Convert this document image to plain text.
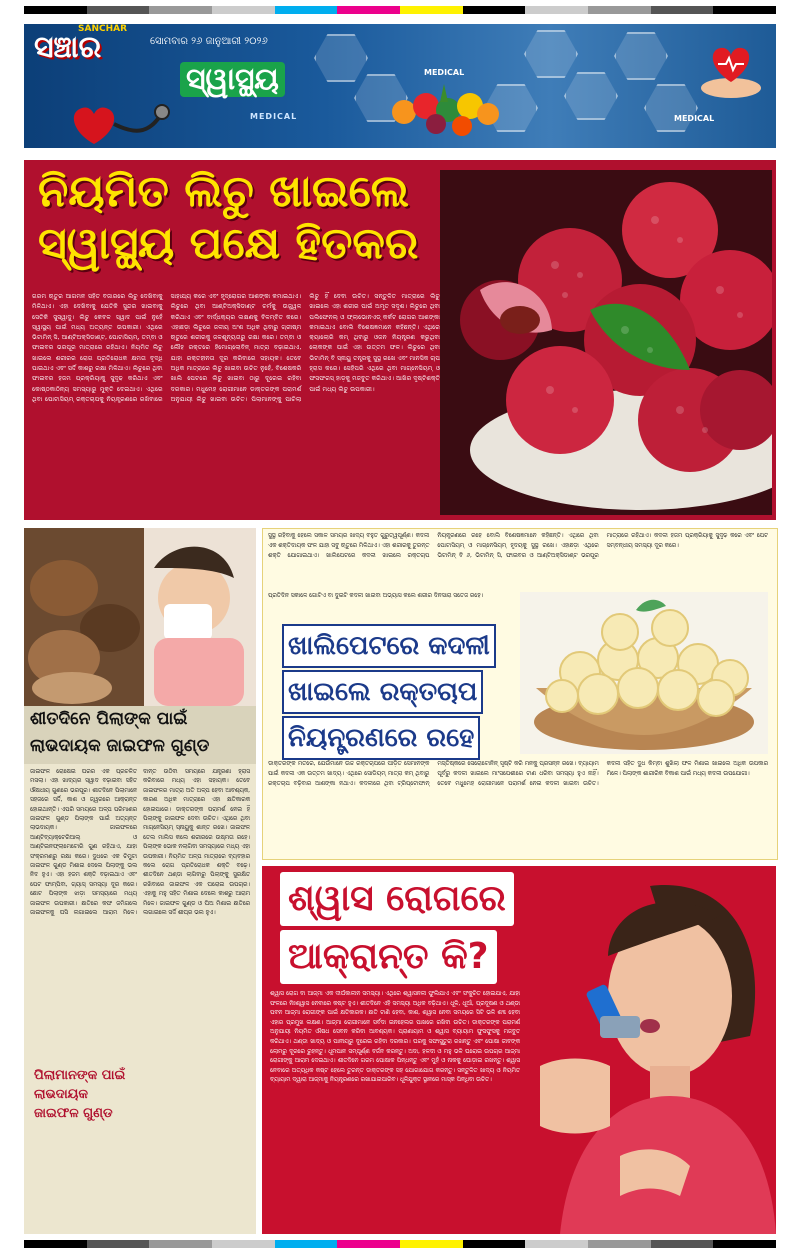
MEDICAL
MEDICAL
ସଞ୍ଚାର
SANCHAR
ସୋମବାର ୨୬ ଜାନୁଆରୀ ୨୦୨୬
ସ୍ୱାସ୍ଥ୍ୟ
MEDICAL
ନିୟମିତ ଲିଚୁ ଖାଇଲେ
ସ୍ୱାସ୍ଥ୍ୟ ପକ୍ଷେ ହିତକର
ଗରମ ଋତୁର ଆଗମନ ସହିତ ବଜାରରେ ଲିଚୁ ଦେଖିବାକୁ ମିଳିଥାଏ। ଏହା ଦେଖିବାକୁ ଯେତିକି ସୁନ୍ଦର ଖାଇବାକୁ ସେତିକି ସୁସ୍ୱାଦୁ। ଲିଚୁ କେବଳ ସ୍ୱାଦ ପାଇଁ ନୁହେଁ ସ୍ୱାସ୍ଥ୍ୟ ପାଇଁ ମଧ୍ୟ ଅତ୍ୟନ୍ତ ଉପକାରୀ। ଏଥିରେ ଭିଟାମିନ୍ ସି, ଆଣ୍ଟିଅକ୍ସିଡାଣ୍ଟ, ପୋଟାସିୟମ୍, ତମ୍ବା ଓ ଫାଇବର ଭରପୂର ମାତ୍ରାରେ ରହିଥାଏ। ନିୟମିତ ଲିଚୁ ଖାଇଲେ ଶରୀରର ରୋଗ ପ୍ରତିରୋଧକ କ୍ଷମତା ବୃଦ୍ଧି ପାଇଥାଏ ଏବଂ ସର୍ଦ୍ଦି କାଶରୁ ରକ୍ଷା ମିଳିଥାଏ। ଲିଚୁରେ ଥିବା ଫାଇବର ହଜମ ପ୍ରକ୍ରିୟାକୁ ସୁଦୃଢ କରିଥାଏ ଏବଂ କୋଷ୍ଠକାଠିନ୍ୟ ସମସ୍ୟାରୁ ମୁକ୍ତି ଦେଇଥାଏ। ଏଥିରେ ଥିବା ପୋଟାସିୟମ୍ ରକ୍ତଚାପକୁ ନିୟନ୍ତ୍ରଣରେ ରଖିବାରେ ସାହାଯ୍ୟ କରେ ଏବଂ ହୃଦ୍‌ରୋଗର ଆଶଙ୍କା କମାଇଥାଏ। ଲିଚୁରେ ଥିବା ଆଣ୍ଟିଅକ୍ସିଡାଣ୍ଟ ଚର୍ମକୁ ଉଜ୍ଜ୍ୱଳ କରିଥାଏ ଏବଂ ବାର୍ଦ୍ଧକ୍ୟର ଲକ୍ଷଣକୁ ବିଳମ୍ବିତ କରେ। ଏହାଛଡ଼ା ଲିଚୁରେ ଜଳୀୟ ଅଂଶ ଅଧିକ ଥିବାରୁ ଗ୍ରୀଷ୍ମ ଋତୁରେ ଶରୀରକୁ ଜଳଶୂନ୍ୟତାରୁ ରକ୍ଷା କରେ। ତମ୍ବା ଓ ଲୌହ ରକ୍ତରେ ହିମୋଗ୍ଲୋବିନ୍ ମାତ୍ରା ବଢ଼ାଇଥାଏ, ଯାହା ରକ୍ତହୀନତା ଦୂର କରିବାରେ ସହାୟକ। ତେବେ ଅଧିକ ମାତ୍ରାରେ ଲିଚୁ ଖାଇବା ଉଚିତ ନୁହେଁ, ବିଶେଷକରି ଖାଲି ପେଟରେ ଲିଚୁ ଖାଇବା ଠାରୁ ଦୂରେଇ ରହିବା ଦରକାର। ମଧୁମେହ ରୋଗୀମାନେ ଡାକ୍ତରଙ୍କ ପରାମର୍ଶ ଅନୁଯାୟୀ ଲିଚୁ ଖାଇବା ଉଚିତ। ପିଲାମାନଙ୍କୁ ପାଚିଲା ଲିଚୁ ହିଁ ଦେବା ଉଚିତ। ସନ୍ତୁଳିତ ମାତ୍ରାରେ ଲିଚୁ ଖାଇଲେ ଏହା ଶରୀର ପାଇଁ ଅମୃତ ସଦୃଶ। ଲିଚୁରେ ଥିବା ପଲିଫେନଲ୍ ଓ ଫ୍ଲାଭୋନଏଡ୍ କର୍କଟ ରୋଗର ଆଶଙ୍କା କମାଇଥାଏ ବୋଲି ବିଶେଷଜ୍ଞମାନେ କହିଛନ୍ତି। ଏଥିରେ କ୍ୟାଲୋରି କମ୍ ଥିବାରୁ ଓଜନ ନିୟନ୍ତ୍ରଣ କରୁଥିବା ଲୋକଙ୍କ ପାଇଁ ଏହା ଉତ୍ତମ ଫଳ। ଲିଚୁରେ ଥିବା ଭିଟାମିନ୍ ବି ସ୍ନାୟୁ ତନ୍ତ୍ରକୁ ସୁସ୍ଥ ରଖେ ଏବଂ ମାନସିକ ଚାପ ହ୍ରାସ କରେ। ସେହିପରି ଏଥିରେ ଥିବା ମାଗ୍ନେସିୟମ୍ ଓ ଫସଫରସ୍ ହାଡ଼କୁ ମଜବୁତ କରିଥାଏ। ଆଖିର ଦୃଷ୍ଟିଶକ୍ତି ପାଇଁ ମଧ୍ୟ ଲିଚୁ ଉପକାରୀ।
ଶୀତଦିନେ ପିଲାଙ୍କ ପାଇଁ ଲାଭଦାୟକ ଜାଇଫଳ ଗୁଣ୍ଡ
ଜାଇଫଳ ରୋଷେଇ ଘରର ଏକ ପ୍ରଚଳିତ ମସଲା। ଏହା ଖାଦ୍ୟର ସ୍ୱାଦ ବଢ଼ାଇବା ସହିତ ଔଷଧୀୟ ଗୁଣରେ ଭରପୂର। ଶୀତଦିନେ ପିଲାମାନେ ସହଜରେ ସର୍ଦ୍ଦି, କାଶ ଓ ଜ୍ୱରରେ ଆକ୍ରାନ୍ତ ହୋଇଥାନ୍ତି। ଏପରି ସମୟରେ ଅଳ୍ପ ପରିମାଣର ଜାଇଫଳ ଗୁଣ୍ଡ ପିଲାଙ୍କ ପାଇଁ ଅତ୍ୟନ୍ତ ଲାଭଦାୟକ। ଜାଇଫଳରେ ଆଣ୍ଟିବ୍ୟାକ୍ଟେରିଆଲ୍ ଓ ଆଣ୍ଟିଇନଫ୍ଲାମେଟୋରି ଗୁଣ ରହିଥାଏ, ଯାହା ସଂକ୍ରମଣରୁ ରକ୍ଷା କରେ। ଦୁଧରେ ଏକ ଚିମୁଟା ଜାଇଫଳ ଗୁଣ୍ଡ ମିଶାଇ ଦେଲେ ପିଲାଙ୍କୁ ଭଲ ନିଦ ହୁଏ। ଏହା ହଜମ ଶକ୍ତି ବଢ଼ାଇଥାଏ ଏବଂ ପେଟ ଫାମ୍ପିବା, ଗ୍ୟାସ୍ ସମସ୍ୟା ଦୂର କରେ। ଛୋଟ ପିଲାଙ୍କ ଝାଡ଼ା ସମସ୍ୟାରେ ମଧ୍ୟ ଜାଇଫଳ ଉପକାରୀ। ଛାତିରେ କଫ ଜମିଗଲେ ଜାଇଫଳକୁ ଘସି ଲଗାଇଲେ ଆରାମ ମିଳେ। ଦାନ୍ତ ଉଠିବା ସମୟରେ ଯନ୍ତ୍ରଣା ହ୍ରାସ କରିବାରେ ମଧ୍ୟ ଏହା ସହାୟକ। ତେବେ ଜାଇଫଳର ମାତ୍ରା ଅତି ଅଳ୍ପ ହେବା ଆବଶ୍ୟକ, କାରଣ ଅଧିକ ମାତ୍ରାରେ ଏହା କ୍ଷତିକାରକ ହୋଇପାରେ। ଡାକ୍ତରଙ୍କ ପରାମର୍ଶ ନେଇ ହିଁ ପିଲାଙ୍କୁ ଜାଇଫଳ ଦେବା ଉଚିତ। ଏଥିରେ ଥିବା ମାଗ୍ନେସିୟମ୍ ସ୍ନାୟୁକୁ ଶାନ୍ତ ରଖେ। ଜାଇଫଳ ତେଲ ମାଲିସ କଲେ ଶରୀରରେ ଉଷ୍ମତା ରହେ। ପିଲାଙ୍କ ଭୋକ ନଲାଗିବା ସମସ୍ୟାରେ ମଧ୍ୟ ଏହା ଉପକାରୀ। ନିୟମିତ ଅଳ୍ପ ମାତ୍ରାରେ ବ୍ୟବହାର କଲେ ରୋଗ ପ୍ରତିରୋଧକ ଶକ୍ତି ବଢ଼େ। ଶୀତଦିନେ ଥଣ୍ଡା ଲାଗିବାରୁ ପିଲାଙ୍କୁ ସୁରକ୍ଷିତ ରଖିବାରେ ଜାଇଫଳ ଏକ ଘରୋଇ ଉପଚାର। ଏହାକୁ ମହୁ ସହିତ ମିଶାଇ ଦେଲେ କାଶରୁ ଆରାମ ମିଳେ। ଜାଇଫଳ ଗୁଣ୍ଡ ଓ ଘିଅ ମିଶାଇ ଛାତିରେ ଲଗାଇଲେ ସର୍ଦ୍ଦି ଶୀଘ୍ର ଭଲ ହୁଏ।
ପିଲାମାନଙ୍କ ପାଇଁ ଲାଭଦାୟକ ଜାଇଫଳ ଗୁଣ୍ଡ
ସୁସ୍ଥ ରହିବାକୁ ହେଲେ ସକାଳ ସମୟର ଖାଦ୍ୟ ବହୁତ ଗୁରୁତ୍ୱପୂର୍ଣ୍ଣ। କଦଳୀ ଏକ ଶକ୍ତିଦାୟକ ଫଳ ଯାହା ସବୁ ଋତୁରେ ମିଳିଥାଏ। ଏହା ଶରୀରକୁ ତୁରନ୍ତ ଶକ୍ତି ଯୋଗାଇଥାଏ। ଖାଲିପେଟରେ କଦଳୀ ଖାଇଲେ ରକ୍ତଚାପ ନିୟନ୍ତ୍ରଣରେ ରହେ ବୋଲି ବିଶେଷଜ୍ଞମାନେ କହିଛନ୍ତି। ଏଥିରେ ଥିବା ପୋଟାସିୟମ୍ ଓ ମାଗ୍ନେସିୟମ୍ ହୃଦୟକୁ ସୁସ୍ଥ ରଖେ। ଏହାଛଡ଼ା ଏଥିରେ ଭିଟାମିନ୍ ବି ୬, ଭିଟାମିନ୍ ସି, ଫାଇବର ଓ ଆଣ୍ଟିଅକ୍ସିଡାଣ୍ଟ ଭରପୂର ମାତ୍ରାରେ ରହିଥାଏ। କଦଳୀ ହଜମ ପ୍ରକ୍ରିୟାକୁ ସୁଦୃଢ କରେ ଏବଂ ପେଟ ସମ୍ବନ୍ଧୀୟ ସମସ୍ୟା ଦୂର କରେ।
ପ୍ରତିଦିନ ସକାଳେ ଗୋଟିଏ ବା ଦୁଇଟି କଦଳୀ ଖାଇବା ଅଭ୍ୟାସ କଲେ ଶରୀର ଦିନସାରା ସତେଜ ରହେ।
ଖାଲିପେଟରେ କଦଳୀ
ଖାଇଲେ ରକ୍ତଚାପ
ନିୟନ୍ତ୍ରଣରେ ରହେ
ଡାକ୍ତରଙ୍କ ମତରେ, ଯେଉଁମାନେ ଉଚ୍ଚ ରକ୍ତଚାପରେ ପୀଡ଼ିତ ସେମାନଙ୍କ ପାଇଁ କଦଳୀ ଏକ ଉତ୍ତମ ଖାଦ୍ୟ। ଏଥିରେ ସୋଡିୟମ୍ ମାତ୍ରା କମ୍ ଥିବାରୁ ରକ୍ତଚାପ ବଢ଼ିବାର ଆଶଙ୍କା ନଥାଏ। କଦଳୀରେ ଥିବା ଟ୍ରିପ୍ଟୋଫାନ୍ ମସ୍ତିଷ୍କରେ ସେରୋଟୋନିନ୍ ସୃଷ୍ଟି କରି ମନକୁ ପ୍ରସନ୍ନ ରଖେ। ବ୍ୟାୟାମ ପୂର୍ବରୁ କଦଳୀ ଖାଇଲେ ମାଂସପେଶୀରେ ଟାଣ ଧରିବା ସମସ୍ୟା ହୁଏ ନାହିଁ। ତେବେ ମଧୁମେହ ରୋଗୀମାନେ ପରାମର୍ଶ ନେଇ କଦଳୀ ଖାଇବା ଉଚିତ। କଦଳୀ ସହିତ ଦୁଧ କିମ୍ବା ଶୁଖିଲା ଫଳ ମିଶାଇ ଖାଇଲେ ଅଧିକ ଉପକାର ମିଳେ। ପିଲାଙ୍କ ଶାରୀରିକ ବିକାଶ ପାଇଁ ମଧ୍ୟ କଦଳୀ ଉପଯୋଗୀ।
ଶ୍ୱାସ ରୋଗରେ
ଆକ୍ରାନ୍ତ କି?
ଶ୍ୱାସ ରୋଗ ବା ଆଜ୍‌ମା ଏକ ଦୀର୍ଘକାଳୀନ ସମସ୍ୟା। ଏଥିରେ ଶ୍ୱାସନଳୀ ଫୁଲିଯାଏ ଏବଂ ସଂକୁଚିତ ହୋଇଯାଏ, ଯାହା ଫଳରେ ନିଃଶ୍ୱାସ ନେବାରେ କଷ୍ଟ ହୁଏ। ଶୀତଦିନେ ଏହି ସମସ୍ୟା ଅଧିକ ବଢ଼ିଥାଏ। ଧୂଳି, ଧୂଆଁ, ପ୍ରଦୂଷଣ ଓ ଥଣ୍ଡା ପବନ ଆଜ୍‌ମା ରୋଗୀଙ୍କ ପାଇଁ କ୍ଷତିକାରକ। ଛାତି ଟାଣି ହେବା, କାଶ, ଶ୍ୱାସ ନେବା ସମୟରେ ସିଟି ଭଳି ଶବ୍ଦ ହେବା ଏହାର ପ୍ରମୁଖ ଲକ୍ଷଣ। ଆଜ୍‌ମା ରୋଗୀମାନେ ସର୍ବଦା ଇନହେଲର ପାଖରେ ରଖିବା ଉଚିତ। ଡାକ୍ତରଙ୍କ ପରାମର୍ଶ ଅନୁଯାୟୀ ନିୟମିତ ଔଷଧ ସେବନ କରିବା ଆବଶ୍ୟକ। ପ୍ରାଣାୟାମ ଓ ଶ୍ୱାସ ବ୍ୟାୟାମ ଫୁସଫୁସକୁ ମଜବୁତ କରିଥାଏ। ଥଣ୍ଡା ଖାଦ୍ୟ ଓ ପାନୀୟରୁ ଦୂରେଇ ରହିବା ଦରକାର। ଘରକୁ ସଫାସୁତୁରା ରଖନ୍ତୁ ଏବଂ ପୋଷା ଜୀବଙ୍କ ଲୋମରୁ ଦୂରରେ ରୁହନ୍ତୁ। ଧୂମପାନ ସମ୍ପୂର୍ଣ୍ଣ ବର୍ଜନ କରନ୍ତୁ। ଅଦା, ହଳଦୀ ଓ ମହୁ ଭଳି ଘରୋଇ ଉପଚାର ଆଜ୍‌ମା ରୋଗୀଙ୍କୁ ଆରାମ ଦେଇଥାଏ। ଶୀତଦିନେ ଗରମ ପୋଷାକ ପିନ୍ଧନ୍ତୁ ଏବଂ ମୁହଁ ଓ ନାକକୁ ଘୋଡ଼ାଇ ରଖନ୍ତୁ। ଶ୍ୱାସ ନେବାରେ ଅତ୍ୟଧିକ କଷ୍ଟ ହେଲେ ତୁରନ୍ତ ଡାକ୍ତରଙ୍କ ସହ ଯୋଗାଯୋଗ କରନ୍ତୁ। ସନ୍ତୁଳିତ ଖାଦ୍ୟ ଓ ନିୟମିତ ବ୍ୟାୟାମ ଦ୍ୱାରା ଆଜ୍‌ମାକୁ ନିୟନ୍ତ୍ରଣରେ ରଖାଯାଇପାରିବ। ଧୂଳିଯୁକ୍ତ ସ୍ଥାନରେ ମାସ୍କ ପିନ୍ଧିବା ଉଚିତ।
